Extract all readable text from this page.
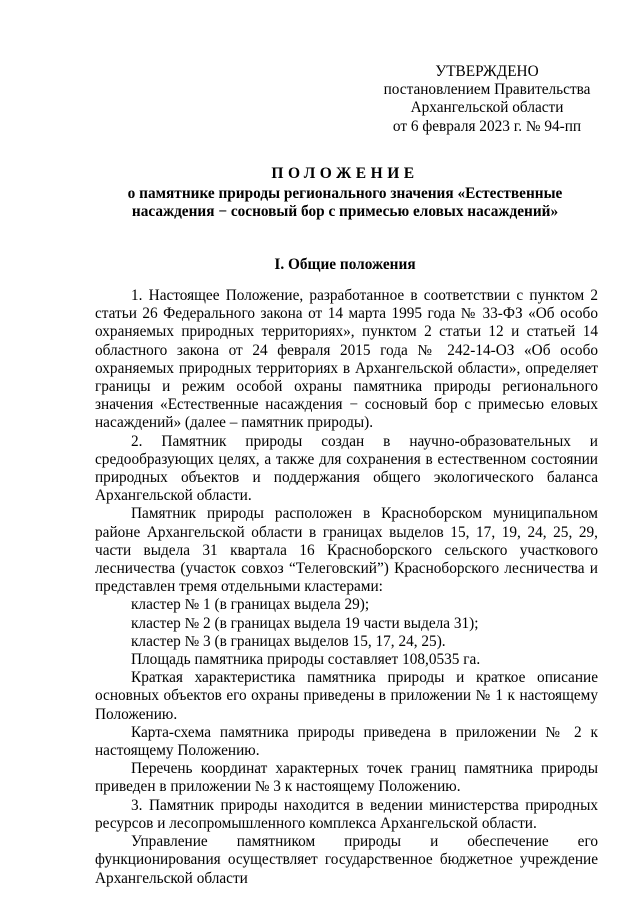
УТВЕРЖДЕНО
постановлением Правительства
Архангельской области
от 6 февраля 2023 г. № 94-пп
ПОЛОЖЕНИЕ
о памятнике природы регионального значения «Естественные
насаждения − сосновый бор с примесью еловых насаждений»
I. Общие положения

1. Настоящее Положение, разработанное в соответствии с пунктом 2 статьи 26 Федерального закона от 14 марта 1995 года № 33-ФЗ «Об особо охраняемых природных территориях», пунктом 2 статьи 12 и статьей 14 областного закона от 24 февраля 2015 года № 242-14-ОЗ «Об особо охраняемых природных территориях в Архангельской области», определяет границы и режим особой охраны памятника природы регионального значения «Естественные насаждения − сосновый бор с примесью еловых насаждений» (далее – памятник природы).

2. Памятник природы создан в научно-образовательных и средообразующих целях, а также для сохранения в естественном состоянии природных объектов и поддержания общего экологического баланса Архангельской области.

Памятник природы расположен в Красноборском муниципальном районе Архангельской области в границах выделов 15, 17, 19, 24, 25, 29, части выдела 31 квартала 16 Красноборского сельского участкового лесничества (участок совхоз “Телеговский”) Красноборского лесничества и представлен тремя отдельными кластерами:

кластер № 1 (в границах выдела 29);

кластер № 2 (в границах выдела 19 части выдела 31);

кластер № 3 (в границах выделов 15, 17, 24, 25).

Площадь памятника природы составляет 108,0535 га.

Краткая характеристика памятника природы и краткое описание основных объектов его охраны приведены в приложении № 1 к настоящему Положению.

Карта-схема памятника природы приведена в приложении № 2 к настоящему Положению.

Перечень координат характерных точек границ памятника природы приведен в приложении № 3 к настоящему Положению.

3. Памятник природы находится в ведении министерства природных ресурсов и лесопромышленного комплекса Архангельской области.

Управление памятником природы и обеспечение его функционирования осуществляет государственное бюджетное учреждение Архангельской области
